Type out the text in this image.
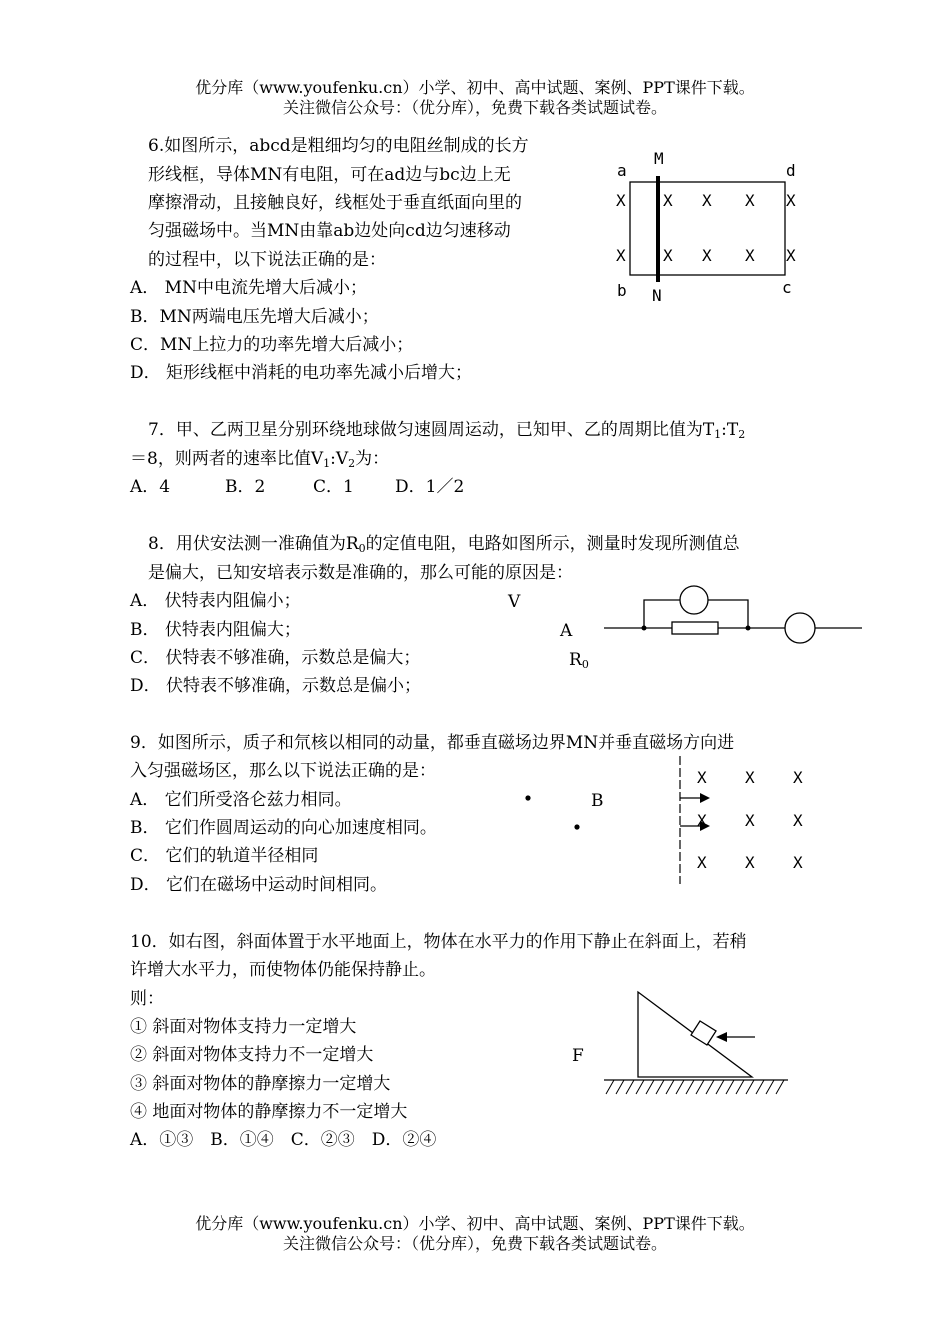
优分库（www.youfenku.cn）小学、初中、高中试题、案例、PPT课件下载。
关注微信公众号：（优分库），免费下载各类试题试卷。
6.如图所示，abcd是粗细均匀的电阻丝制成的长方
形线框，导体MN有电阻，可在ad边与bc边上无
摩擦滑动，且接触良好，线框处于垂直纸面向里的
匀强磁场中。当MN由靠ab边处向cd边匀速移动
的过程中，以下说法正确的是：
A． MN中电流先增大后减小；
B．MN两端电压先增大后减小；
C．MN上拉力的功率先增大后减小；
D． 矩形线框中消耗的电功率先减小后增大；
a
M
d
b N	c
X X X X X
X X X X X
7．甲、乙两卫星分别环绕地球做匀速圆周运动，已知甲、乙的周期比值为$T_1:T_2$
＝8，则两者的速率比值$V_1:V_2$为：
A．4	B．2	C．1 D．1／2
8．用伏安法测一准确值为$R_0$的定值电阻，电路如图所示，测量时发现所测值总
是偏大，已知安培表示数是准确的，那么可能的原因是：
A． 伏特表内阻偏小；
B． 伏特表内阻偏大；
C． 伏特表不够准确，示数总是偏大；
D． 伏特表不够准确，示数总是偏小；
V
A
$R_0$
9．如图所示，质子和氘核以相同的动量，都垂直磁场边界MN并垂直磁场方向进
入匀强磁场区，那么以下说法正确的是：
A． 它们所受洛仑兹力相同。
B． 它们作圆周运动的向心加速度相同。
C． 它们的轨道半径相同
D． 它们在磁场中运动时间相同。
B
X X X
X X X
X X X
10．如右图，斜面体置于水平地面上，物体在水平力的作用下静止在斜面上，若稍
许增大水平力，而使物体仍能保持静止。
则：
① 斜面对物体支持力一定增大
② 斜面对物体支持力不一定增大
③ 斜面对物体的静摩擦力一定增大
④ 地面对物体的静摩擦力不一定增大
A．①③　B．①④　C．②③　D．②④
F
优分库（www.youfenku.cn）小学、初中、高中试题、案例、PPT课件下载。
关注微信公众号：（优分库），免费下载各类试题试卷。
